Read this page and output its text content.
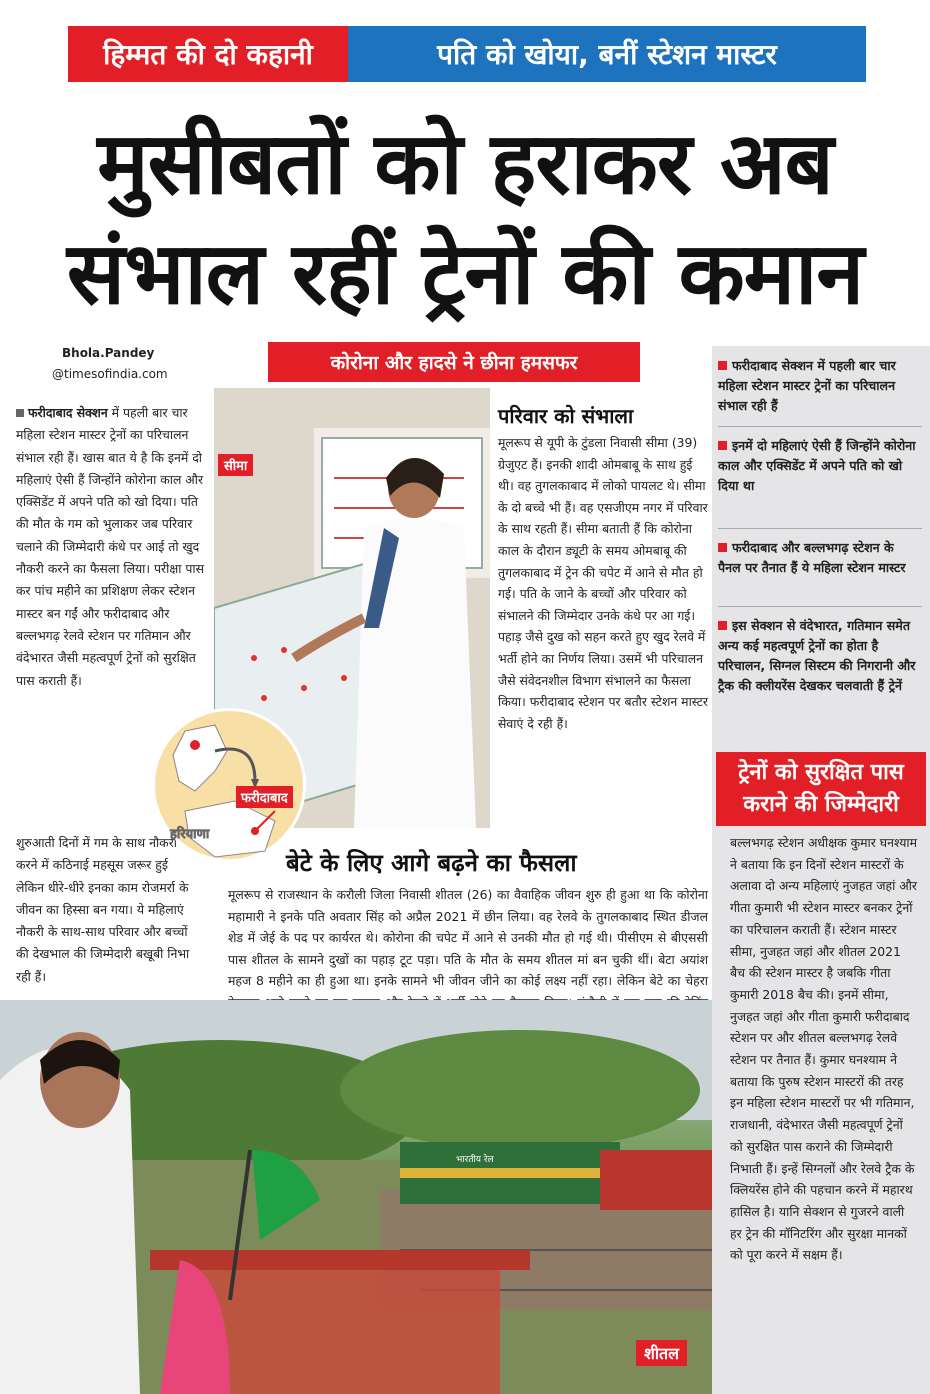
हिम्मत की दो कहानी	पति को खोया, बनीं स्टेशन मास्टर
मुसीबतों को हराकर अब
संभाल रहीं ट्रेनों की कमान
Bhola.Pandey
@timesofindia.com	कोरोना और हादसे ने छीना हमसफर

फरीदाबाद सेक्शन में पहली बार चार महिला स्टेशन मास्टर ट्रेनों का परिचालन संभाल रही हैं। खास बात ये है कि इनमें दो महिलाएं ऐसी हैं जिन्होंने कोरोना काल और एक्सिडेंट में अपने पति को खो दिया। पति की मौत के गम को भुलाकर जब परिवार चलाने की जिम्मेदारी कंधे पर आई तो खुद नौकरी करने का फैसला लिया। परीक्षा पास कर पांच महीने का प्रशिक्षण लेकर स्टेशन मास्टर बन गईं और फरीदाबाद और बल्लभगढ़ रेलवे स्टेशन पर गतिमान और वंदेभारत जैसी महत्वपूर्ण ट्रेनों को सुरक्षित पास कराती हैं।

शुरुआती दिनों में गम के साथ नौकरी करने में कठिनाई महसूस जरूर हुई लेकिन धीरे-धीरे इनका काम रोजमर्रा के जीवन का हिस्सा बन गया। ये महिलाएं नौकरी के साथ-साथ परिवार और बच्चों की देखभाल की जिम्मेदारी बखूबी निभा रही हैं।

सीमा
फरीदाबाद
हरियाणा
परिवार को संभाला
मूलरूप से यूपी के टुंडला निवासी सीमा (39) ग्रेजुएट हैं। इनकी शादी ओमबाबू के साथ हुई थी। वह तुगलकाबाद में लोको पायलट थे। सीमा के दो बच्चे भी हैं। वह एसजीएम नगर में परिवार के साथ रहती हैं। सीमा बताती हैं कि कोरोना काल के दौरान ड्यूटी के समय ओमबाबू की तुगलकाबाद में ट्रेन की चपेट में आने से मौत हो गई। पति के जाने के बच्चों और परिवार को संभालने की जिम्मेदार उनके कंधे पर आ गई। पहाड़ जैसे दुख को सहन करते हुए खुद रेलवे में भर्ती होने का निर्णय लिया। उसमें भी परिचालन जैसे संवेदनशील विभाग संभालने का फैसला किया। फरीदाबाद स्टेशन पर बतौर स्टेशन मास्टर सेवाएं दे रही हैं।
बेटे के लिए आगे बढ़ने का फैसला
मूलरूप से राजस्थान के करौली जिला निवासी शीतल (26) का वैवाहिक जीवन शुरु ही हुआ था कि कोरोना महामारी ने इनके पति अवतार सिंह को अप्रैल 2021 में छीन लिया। वह रेलवे के तुगलकाबाद स्थित डीजल शेड में जेई के पद पर कार्यरत थे। कोरोना की चपेट में आने से उनकी मौत हो गई थी। पीसीएम से बीएससी पास शीतल के सामने दुखों का पहाड़ टूट पड़ा। पति के मौत के समय शीतल मां बन चुकी थीं। बेटा अयांश महज 8 महीने का ही हुआ था। इनके सामने भी जीवन जीने का कोई लक्ष्य नहीं रहा। लेकिन बेटे का चेहरा
भारतीय रेल
शीतल
फरीदाबाद सेक्शन में पहली बार चार महिला स्टेशन मास्टर ट्रेनों का परिचालन संभाल रही हैं
इनमें दो महिलाएं ऐसी हैं जिन्होंने कोरोना काल और एक्सिडेंट में अपने पति को खो दिया था
फरीदाबाद और बल्लभगढ़ स्टेशन के पैनल पर तैनात हैं ये महिला स्टेशन मास्टर
इस सेक्शन से वंदेभारत, गतिमान समेत अन्य कई महत्वपूर्ण ट्रेनों का होता है परिचालन, सिग्नल सिस्टम की निगरानी और ट्रैक की क्लीयरेंस देखकर चलवाती हैं ट्रेनें
ट्रेनों को सुरक्षित पास कराने की जिम्मेदारी
बल्लभगढ़ स्टेशन अधीक्षक कुमार घनश्याम ने बताया कि इन दिनों स्टेशन मास्टरों के अलावा दो अन्य महिलाएं नुजहत जहां और गीता कुमारी भी स्टेशन मास्टर बनकर ट्रेनों का परिचालन कराती हैं। स्टेशन मास्टर सीमा, नुजहत जहां और शीतल 2021 बैच की स्टेशन मास्टर है जबकि गीता कुमारी 2018 बैच की। इनमें सीमा, नुजहत जहां और गीता कुमारी फरीदाबाद स्टेशन पर और शीतल बल्लभगढ़ रेलवे स्टेशन पर तैनात हैं। कुमार घनश्याम ने बताया कि पुरुष स्टेशन मास्टरों की तरह इन महिला स्टेशन मास्टरों पर भी गतिमान, राजधानी, वंदेभारत जैसी महत्वपूर्ण ट्रेनों को सुरक्षित पास कराने की जिम्मेदारी निभाती हैं। इन्हें सिग्नलों और रेलवे ट्रैक के क्लियरेंस होने की पहचान करने में महारथ हासिल है। यानि सेक्शन से गुजरने वाली हर ट्रेन की मॉनिटरिंग और सुरक्षा मानकों को पूरा करने में सक्षम हैं।
